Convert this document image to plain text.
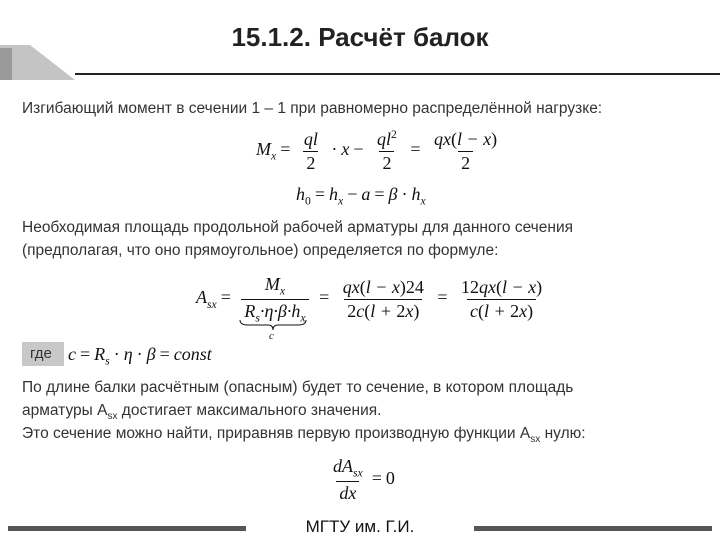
15.1.2. Расчёт балок
Изгибающий момент в сечении 1 – 1 при равномерно распределённой нагрузке:
$M_x = \frac{ql}{2} \cdot x - \frac{ql^2}{2} = \frac{qx(l - x)}{2}$
$h_0 = h_x - a = \beta \cdot h_x$
Необходимая площадь продольной рабочей арматуры для данного сечения
(предполагая, что оно прямоугольное) определяется по формуле:
$A_{sx} = \frac{M_x}{R_s\cdot\eta\cdot\beta\cdot h_x} = \frac{qx(l - x)24}{2c(l + 2x)} = \frac{12qx(l - x)}{c(l + 2x)}$
c
где $c = R_s \cdot \eta \cdot \beta$ = const
По длине балки расчётным (опасным) будет то сечение, в котором площадь
арматуры $A_{sx}$ достигает максимального значения.
Это сечение можно найти, приравняв первую производную функции $A_{sx}$ нулю:
$\frac{dA_{sx}}{dx} = 0$
МГТУ им. Г.И.
